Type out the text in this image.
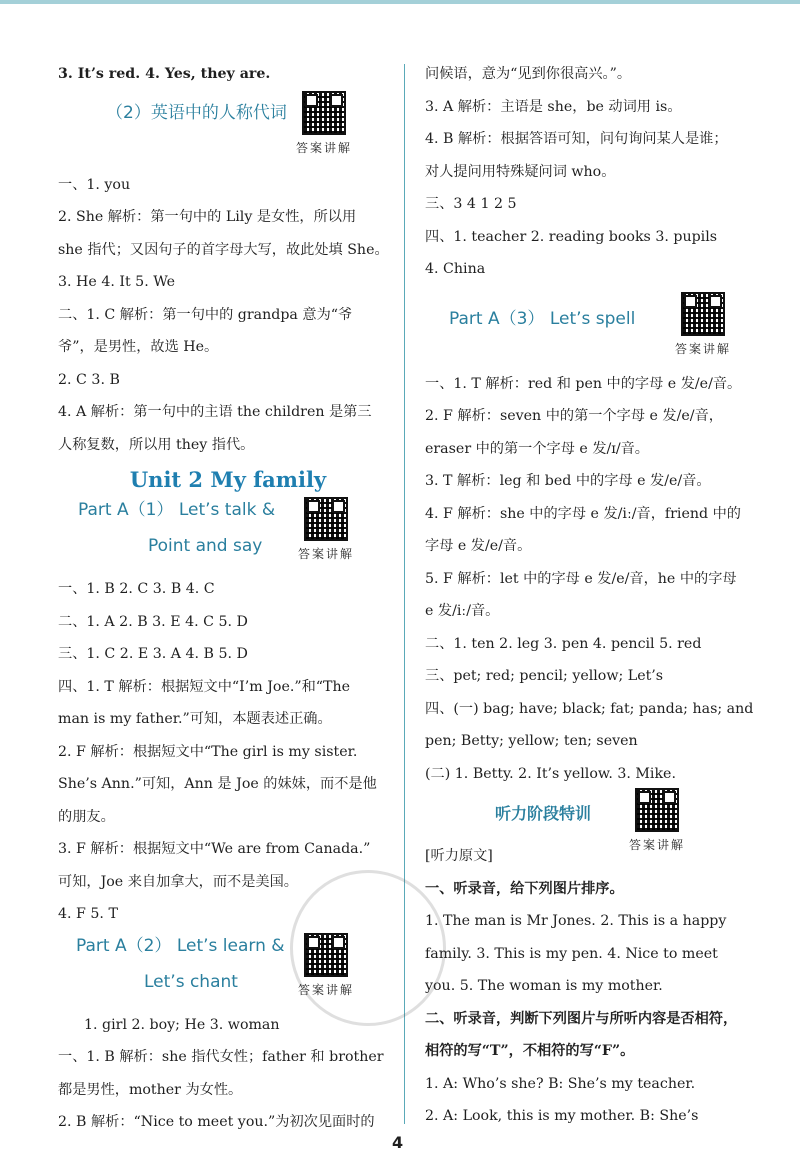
3. It’s red. 4. Yes, they are.

（2）英语中的人称代词

答案讲解

一、1. you

2. She 解析：第一句中的 Lily 是女性，所以用

she 指代；又因句子的首字母大写，故此处填 She。

3. He 4. It 5. We

二、1. C 解析：第一句中的 grandpa 意为“爷

爷”，是男性，故选 He。

2. C 3. B

4. A 解析：第一句中的主语 the children 是第三

人称复数，所以用 they 指代。

Unit 2 My family

Part A（1） Let’s talk &

Point and say	答案讲解

一、1. B 2. C 3. B 4. C

二、1. A 2. B 3. E 4. C 5. D

三、1. C 2. E 3. A 4. B 5. D

四、1. T 解析：根据短文中“I’m Joe.”和“The

man is my father.”可知，本题表述正确。

2. F 解析：根据短文中“The girl is my sister.

She’s Ann.”可知，Ann 是 Joe 的妹妹，而不是他

的朋友。

3. F 解析：根据短文中“We are from Canada.”

可知，Joe 来自加拿大，而不是美国。

4. F 5. T

Part A（2） Let’s learn &

Let’s chant	答案讲解

1. girl 2. boy; He 3. woman

一、1. B 解析：she 指代女性；father 和 brother

都是男性，mother 为女性。

2. B 解析：“Nice to meet you.”为初次见面时的

问候语，意为“见到你很高兴。”。

3. A 解析：主语是 she，be 动词用 is。

4. B 解析：根据答语可知，问句询问某人是谁；

对人提问用特殊疑问词 who。

三、3 4 1 2 5

四、1. teacher 2. reading books 3. pupils

4. China

Part A（3） Let’s spell

答案讲解

一、1. T 解析：red 和 pen 中的字母 e 发/e/音。

2. F 解析：seven 中的第一个字母 e 发/e/音，

eraser 中的第一个字母 e 发/ɪ/音。

3. T 解析：leg 和 bed 中的字母 e 发/e/音。

4. F 解析：she 中的字母 e 发/iː/音，friend 中的

字母 e 发/e/音。

5. F 解析：let 中的字母 e 发/e/音，he 中的字母

e 发/iː/音。

二、1. ten 2. leg 3. pen 4. pencil 5. red

三、pet; red; pencil; yellow; Let’s

四、(一) bag; have; black; fat; panda; has; and

pen; Betty; yellow; ten; seven

(二) 1. Betty. 2. It’s yellow. 3. Mike.

听力阶段特训

答案讲解

[听力原文]

一、听录音，给下列图片排序。

1. The man is Mr Jones. 2. This is a happy

family. 3. This is my pen. 4. Nice to meet

you. 5. The woman is my mother.

二、听录音，判断下列图片与所听内容是否相符，

相符的写“T”，不相符的写“F”。

1. A: Who’s she? B: She’s my teacher.

2. A: Look, this is my mother. B: She’s

4
